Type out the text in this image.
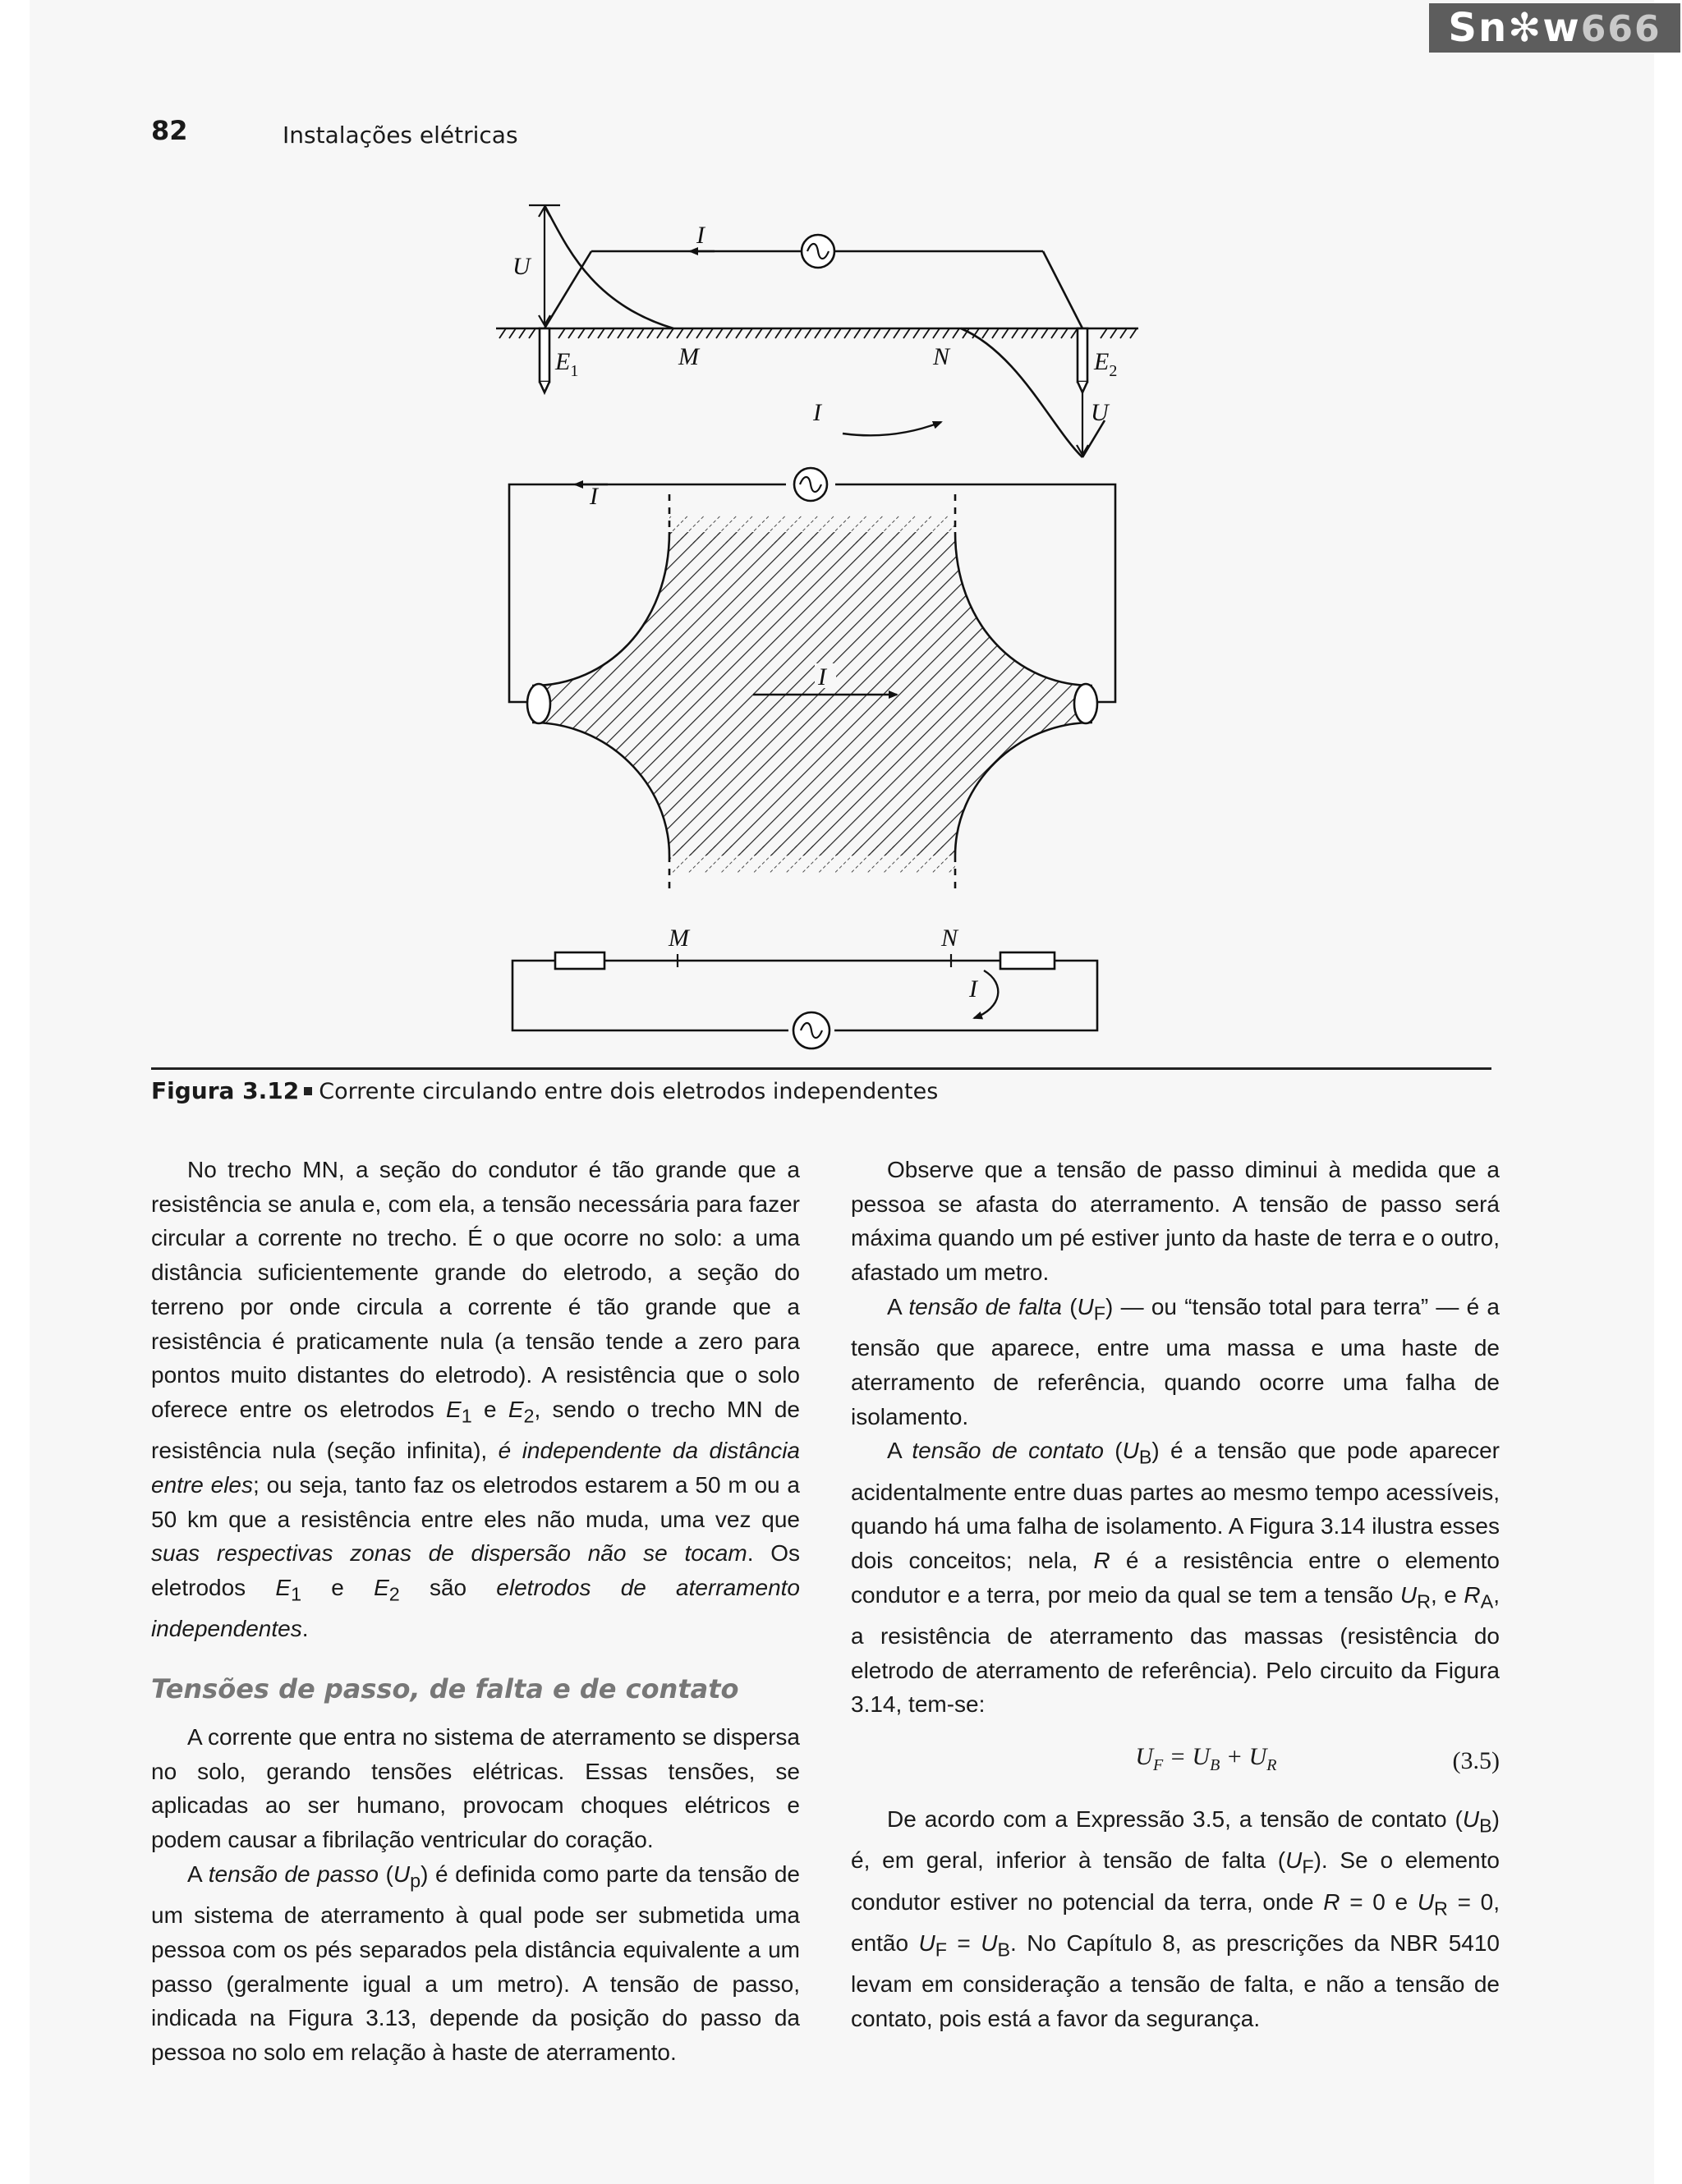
Sn✻w666
82	Instalações elétricas
I
U
$E_1$
M	N	$E_2$
U
I
I
I
M	N
I
Figura 3.12 Corrente circulando entre dois eletrodos independentes

No trecho MN, a seção do condutor é tão grande que a resistência se anula e, com ela, a tensão necessária para fazer circular a corrente no trecho. É o que ocorre no solo: a uma distância suficientemente grande do eletrodo, a seção do terreno por onde circula a corrente é tão grande que a resistência é praticamente nula (a tensão tende a zero para pontos muito distantes do eletrodo). A resistência que o solo oferece entre os eletrodos $E_1$ e $E_2$, sendo o trecho MN de resistência nula (seção infinita), é independente da distância entre eles; ou seja, tanto faz os eletrodos estarem a 50 m ou a 50 km que a resistência entre eles não muda, uma vez que suas respectivas zonas de dispersão não se tocam. Os eletrodos $E_1$ e $E_2$ são eletrodos de aterramento independentes.

Tensões de passo, de falta e de contato

A corrente que entra no sistema de aterramento se dispersa no solo, gerando tensões elétricas. Essas tensões, se aplicadas ao ser humano, provocam choques elétricos e podem causar a fibrilação ventricular do coração.

A tensão de passo $(U_p)$ é definida como parte da tensão de um sistema de aterramento à qual pode ser submetida uma pessoa com os pés separados pela distância equivalente a um passo (geralmente igual a um metro). A tensão de passo, indicada na Figura 3.13, depende da posição do passo da pessoa no solo em relação à haste de aterramento.

Observe que a tensão de passo diminui à medida que a pessoa se afasta do aterramento. A tensão de passo será máxima quando um pé estiver junto da haste de terra e o outro, afastado um metro.

A tensão de falta $(U_F)$ — ou “tensão total para terra” — é a tensão que aparece, entre uma massa e uma haste de aterramento de referência, quando ocorre uma falha de isolamento.

A tensão de contato $(U_B)$ é a tensão que pode aparecer acidentalmente entre duas partes ao mesmo tempo acessíveis, quando há uma falha de isolamento. A Figura 3.14 ilustra esses dois conceitos; nela, R é a resistência entre o elemento condutor e a terra, por meio da qual se tem a tensão $U_R$, e $R_A$, a resistência de aterramento das massas (resistência do eletrodo de aterramento de referência). Pelo circuito da Figura 3.14, tem-se:

$U_F = U_B + U_R$	(3.5)

De acordo com a Expressão 3.5, a tensão de contato $(U_B)$ é, em geral, inferior à tensão de falta $(U_F)$. Se o elemento condutor estiver no potencial da terra, onde R = 0 e $U_R = 0$, então $U_F = U_B$. No Capítulo 8, as prescrições da NBR 5410 levam em consideração a tensão de falta, e não a tensão de contato, pois está a favor da segurança.
